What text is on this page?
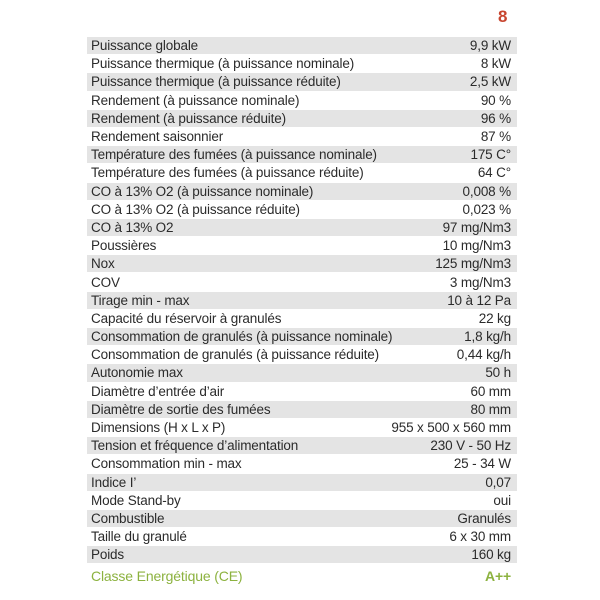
8
Puissance globale	9,9 kW
Puissance thermique (à puissance nominale)	8 kW
Puissance thermique (à puissance réduite)	2,5 kW
Rendement (à puissance nominale)	90 %
Rendement (à puissance réduite)	96 %
Rendement saisonnier	87 %
Température des fumées (à puissance nominale)	175 C°
Température des fumées (à puissance réduite)	64 C°
CO à 13% O2 (à puissance nominale)	0,008 %
CO à 13% O2 (à puissance réduite)	0,023 %
CO à 13% O2	97 mg/Nm3
Poussières	10 mg/Nm3
Nox	125 mg/Nm3
COV	3 mg/Nm3
Tirage min - max	10 à 12 Pa
Capacité du réservoir à granulés	22 kg
Consommation de granulés (à puissance nominale)	1,8 kg/h
Consommation de granulés (à puissance réduite)	0,44 kg/h
Autonomie max	50 h
Diamètre d’entrée d’air	60 mm
Diamètre de sortie des fumées	80 mm
Dimensions (H x L x P)	955 x 500 x 560 mm
Tension et fréquence d’alimentation	230 V - 50 Hz
Consommation min - max	25 - 34 W
Indice I’	0,07
Mode Stand-by	oui
Combustible	Granulés
Taille du granulé	6 x 30 mm
Poids	160 kg
Classe Energétique (CE)	A++
